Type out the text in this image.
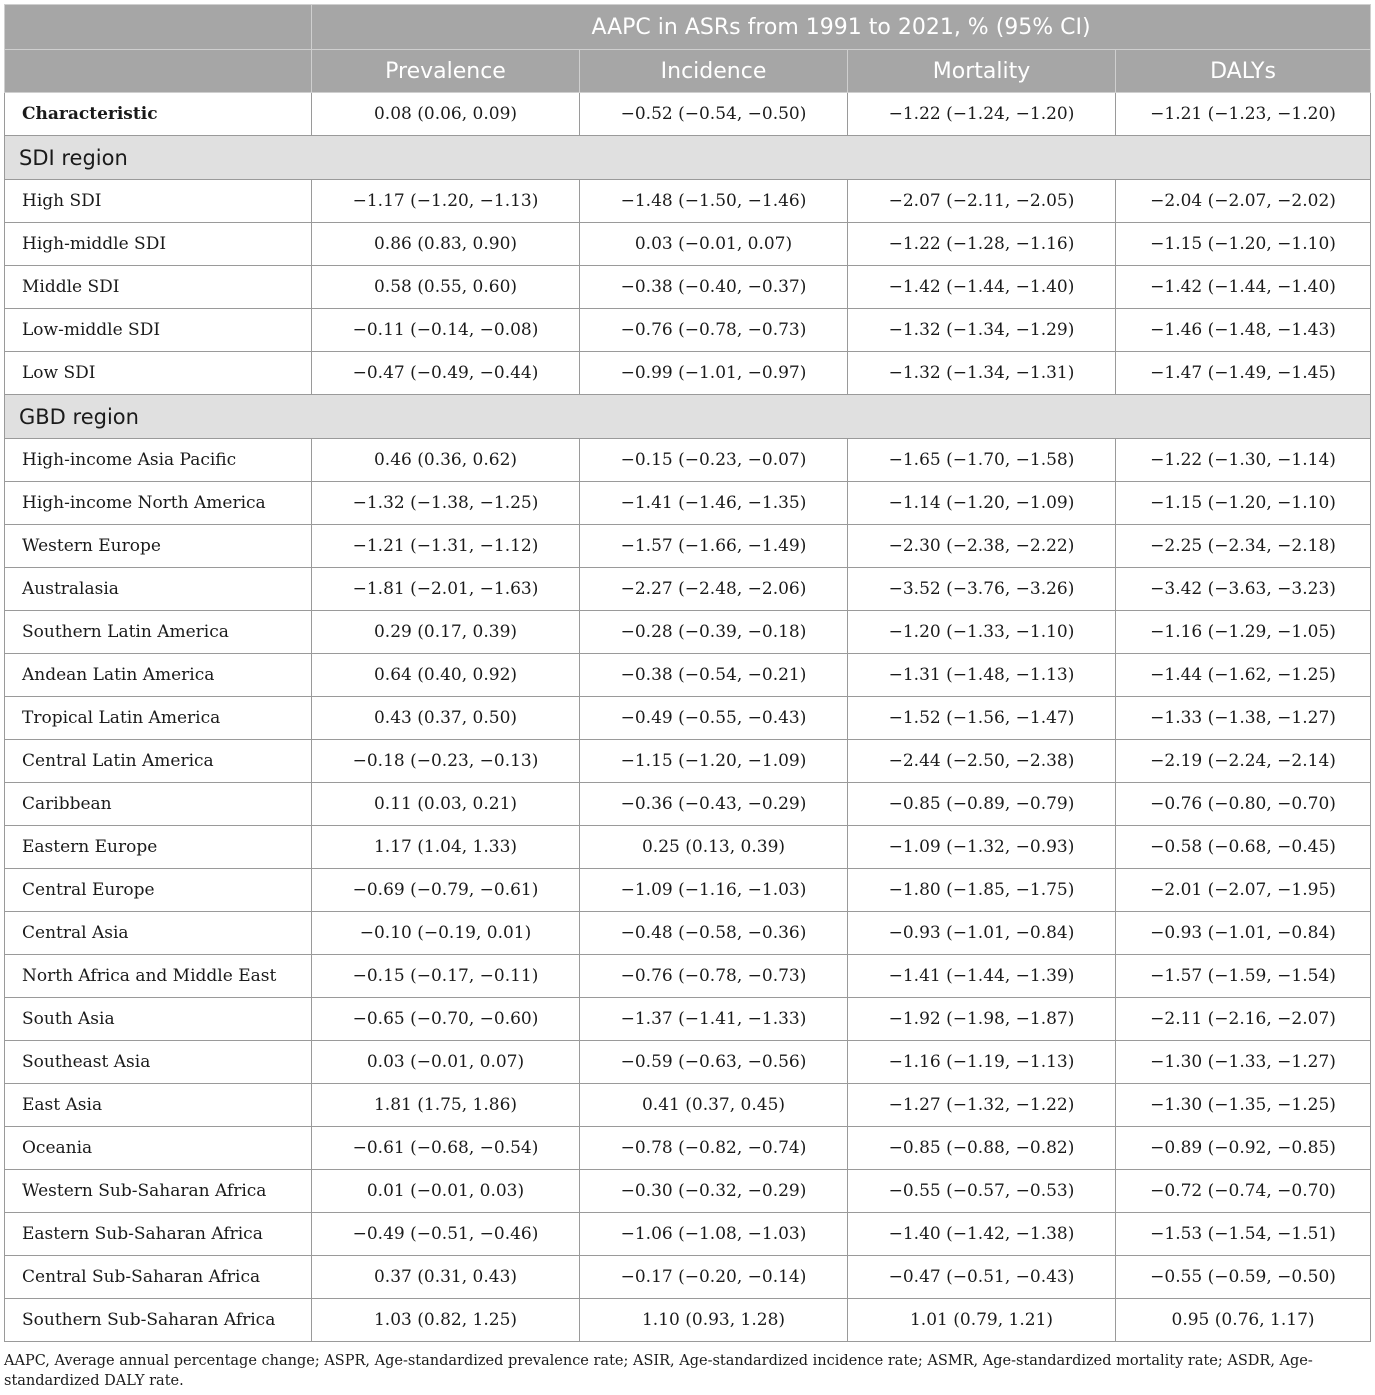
	AAPC in ASRs from 1991 to 2021, % (95% CI)			
	Prevalence	Incidence	Mortality	DALYs
Characteristic	0.08 (0.06, 0.09)	−0.52 (−0.54, −0.50)	−1.22 (−1.24, −1.20)	−1.21 (−1.23, −1.20)
SDI region				
High SDI	−1.17 (−1.20, −1.13)	−1.48 (−1.50, −1.46)	−2.07 (−2.11, −2.05)	−2.04 (−2.07, −2.02)
High-middle SDI	0.86 (0.83, 0.90)	0.03 (−0.01, 0.07)	−1.22 (−1.28, −1.16)	−1.15 (−1.20, −1.10)
Middle SDI	0.58 (0.55, 0.60)	−0.38 (−0.40, −0.37)	−1.42 (−1.44, −1.40)	−1.42 (−1.44, −1.40)
Low-middle SDI	−0.11 (−0.14, −0.08)	−0.76 (−0.78, −0.73)	−1.32 (−1.34, −1.29)	−1.46 (−1.48, −1.43)
Low SDI	−0.47 (−0.49, −0.44)	−0.99 (−1.01, −0.97)	−1.32 (−1.34, −1.31)	−1.47 (−1.49, −1.45)
GBD region				
High-income Asia Pacific	0.46 (0.36, 0.62)	−0.15 (−0.23, −0.07)	−1.65 (−1.70, −1.58)	−1.22 (−1.30, −1.14)
High-income North America	−1.32 (−1.38, −1.25)	−1.41 (−1.46, −1.35)	−1.14 (−1.20, −1.09)	−1.15 (−1.20, −1.10)
Western Europe	−1.21 (−1.31, −1.12)	−1.57 (−1.66, −1.49)	−2.30 (−2.38, −2.22)	−2.25 (−2.34, −2.18)
Australasia	−1.81 (−2.01, −1.63)	−2.27 (−2.48, −2.06)	−3.52 (−3.76, −3.26)	−3.42 (−3.63, −3.23)
Southern Latin America	0.29 (0.17, 0.39)	−0.28 (−0.39, −0.18)	−1.20 (−1.33, −1.10)	−1.16 (−1.29, −1.05)
Andean Latin America	0.64 (0.40, 0.92)	−0.38 (−0.54, −0.21)	−1.31 (−1.48, −1.13)	−1.44 (−1.62, −1.25)
Tropical Latin America	0.43 (0.37, 0.50)	−0.49 (−0.55, −0.43)	−1.52 (−1.56, −1.47)	−1.33 (−1.38, −1.27)
Central Latin America	−0.18 (−0.23, −0.13)	−1.15 (−1.20, −1.09)	−2.44 (−2.50, −2.38)	−2.19 (−2.24, −2.14)
Caribbean	0.11 (0.03, 0.21)	−0.36 (−0.43, −0.29)	−0.85 (−0.89, −0.79)	−0.76 (−0.80, −0.70)
Eastern Europe	1.17 (1.04, 1.33)	0.25 (0.13, 0.39)	−1.09 (−1.32, −0.93)	−0.58 (−0.68, −0.45)
Central Europe	−0.69 (−0.79, −0.61)	−1.09 (−1.16, −1.03)	−1.80 (−1.85, −1.75)	−2.01 (−2.07, −1.95)
Central Asia	−0.10 (−0.19, 0.01)	−0.48 (−0.58, −0.36)	−0.93 (−1.01, −0.84)	−0.93 (−1.01, −0.84)
North Africa and Middle East	−0.15 (−0.17, −0.11)	−0.76 (−0.78, −0.73)	−1.41 (−1.44, −1.39)	−1.57 (−1.59, −1.54)
South Asia	−0.65 (−0.70, −0.60)	−1.37 (−1.41, −1.33)	−1.92 (−1.98, −1.87)	−2.11 (−2.16, −2.07)
Southeast Asia	0.03 (−0.01, 0.07)	−0.59 (−0.63, −0.56)	−1.16 (−1.19, −1.13)	−1.30 (−1.33, −1.27)
East Asia	1.81 (1.75, 1.86)	0.41 (0.37, 0.45)	−1.27 (−1.32, −1.22)	−1.30 (−1.35, −1.25)
Oceania	−0.61 (−0.68, −0.54)	−0.78 (−0.82, −0.74)	−0.85 (−0.88, −0.82)	−0.89 (−0.92, −0.85)
Western Sub-Saharan Africa	0.01 (−0.01, 0.03)	−0.30 (−0.32, −0.29)	−0.55 (−0.57, −0.53)	−0.72 (−0.74, −0.70)
Eastern Sub-Saharan Africa	−0.49 (−0.51, −0.46)	−1.06 (−1.08, −1.03)	−1.40 (−1.42, −1.38)	−1.53 (−1.54, −1.51)
Central Sub-Saharan Africa	0.37 (0.31, 0.43)	−0.17 (−0.20, −0.14)	−0.47 (−0.51, −0.43)	−0.55 (−0.59, −0.50)
Southern Sub-Saharan Africa	1.03 (0.82, 1.25)	1.10 (0.93, 1.28)	1.01 (0.79, 1.21)	0.95 (0.76, 1.17)
AAPC, Average annual percentage change; ASPR, Age-standardized prevalence rate; ASIR, Age-standardized incidence rate; ASMR, Age-standardized mortality rate; ASDR, Age-standardized DALY rate.
